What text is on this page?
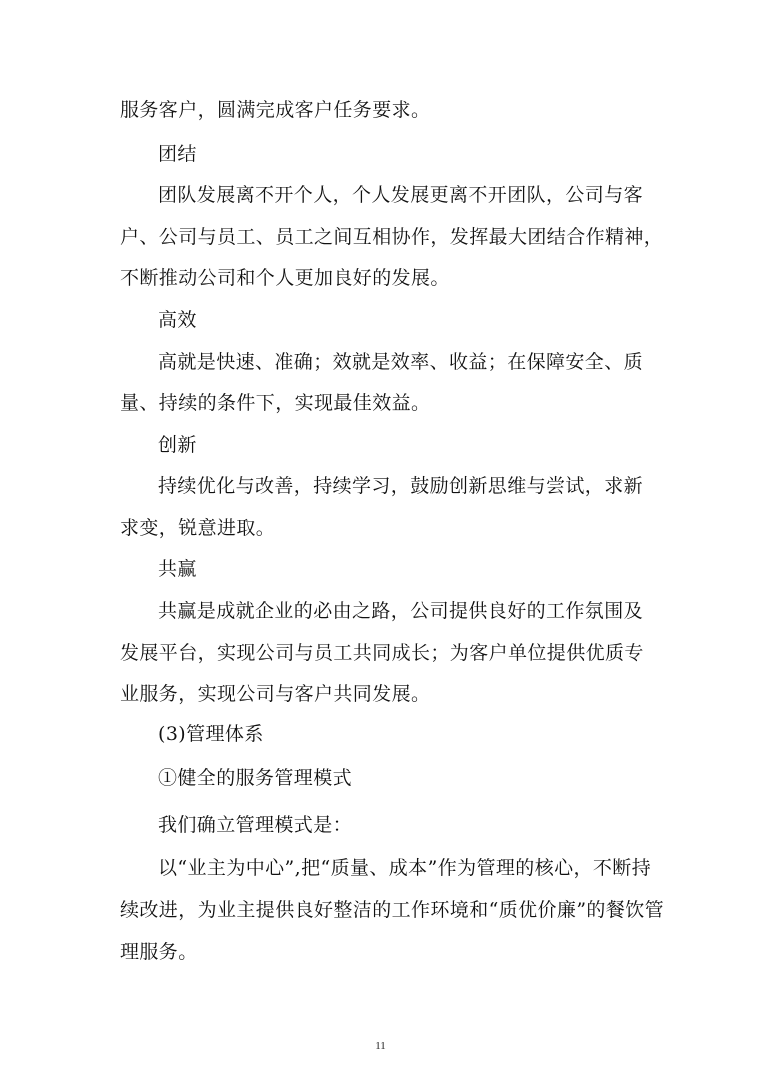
服务客户，圆满完成客户任务要求。
团结
团队发展离不开个人，个人发展更离不开团队，公司与客
户、公司与员工、员工之间互相协作，发挥最大团结合作精神，
不断推动公司和个人更加良好的发展。
高效
高就是快速、准确；效就是效率、收益；在保障安全、质
量、持续的条件下，实现最佳效益。
创新
持续优化与改善，持续学习，鼓励创新思维与尝试，求新
求变，锐意进取。
共赢
共赢是成就企业的必由之路，公司提供良好的工作氛围及
发展平台，实现公司与员工共同成长；为客户单位提供优质专
业服务，实现公司与客户共同发展。
(3)管理体系
①健全的服务管理模式
我们确立管理模式是：
以“业主为中心”,把“质量、成本”作为管理的核心，不断持
续改进，为业主提供良好整洁的工作环境和“质优价廉”的餐饮管
理服务。
11
